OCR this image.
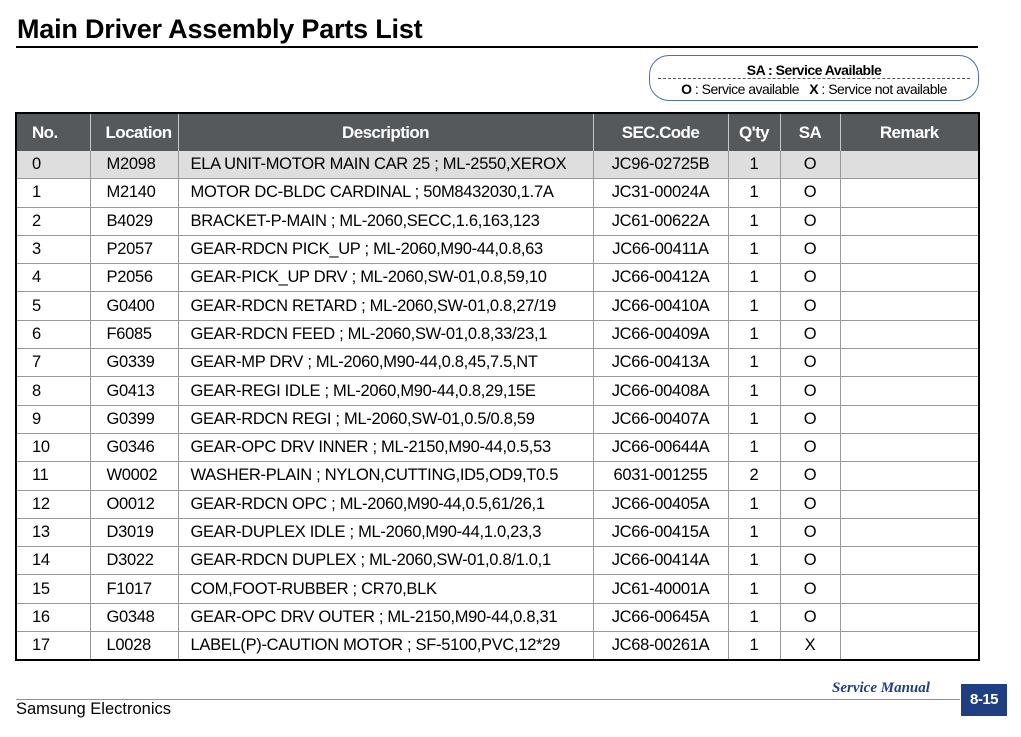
Main Driver Assembly Parts List
SA : Service Available
O : Service available X : Service not available
No.	Location	Description	SEC.Code	Q'ty	SA	Remark
0	M2098	ELA UNIT-MOTOR MAIN CAR 25 ; ML-2550,XEROX	JC96-02725B	1	O	
1	M2140	MOTOR DC-BLDC CARDINAL ; 50M8432030,1.7A	JC31-00024A	1	O	
2	B4029	BRACKET-P-MAIN ; ML-2060,SECC,1.6,163,123	JC61-00622A	1	O	
3	P2057	GEAR-RDCN PICK_UP ; ML-2060,M90-44,0.8,63	JC66-00411A	1	O	
4	P2056	GEAR-PICK_UP DRV ; ML-2060,SW-01,0.8,59,10	JC66-00412A	1	O	
5	G0400	GEAR-RDCN RETARD ; ML-2060,SW-01,0.8,27/19	JC66-00410A	1	O	
6	F6085	GEAR-RDCN FEED ; ML-2060,SW-01,0.8,33/23,1	JC66-00409A	1	O	
7	G0339	GEAR-MP DRV ; ML-2060,M90-44,0.8,45,7.5,NT	JC66-00413A	1	O	
8	G0413	GEAR-REGI IDLE ; ML-2060,M90-44,0.8,29,15E	JC66-00408A	1	O	
9	G0399	GEAR-RDCN REGI ; ML-2060,SW-01,0.5/0.8,59	JC66-00407A	1	O	
10	G0346	GEAR-OPC DRV INNER ; ML-2150,M90-44,0.5,53	JC66-00644A	1	O	
11	W0002	WASHER-PLAIN ; NYLON,CUTTING,ID5,OD9,T0.5	6031-001255	2	O	
12	O0012	GEAR-RDCN OPC ; ML-2060,M90-44,0.5,61/26,1	JC66-00405A	1	O	
13	D3019	GEAR-DUPLEX IDLE ; ML-2060,M90-44,1.0,23,3	JC66-00415A	1	O	
14	D3022	GEAR-RDCN DUPLEX ; ML-2060,SW-01,0.8/1.0,1	JC66-00414A	1	O	
15	F1017	COM,FOOT-RUBBER ; CR70,BLK	JC61-40001A	1	O	
16	G0348	GEAR-OPC DRV OUTER ; ML-2150,M90-44,0.8,31	JC66-00645A	1	O	
17	L0028	LABEL(P)-CAUTION MOTOR ; SF-5100,PVC,12*29	JC68-00261A	1	X	
Service Manual
8-15
Samsung Electronics
